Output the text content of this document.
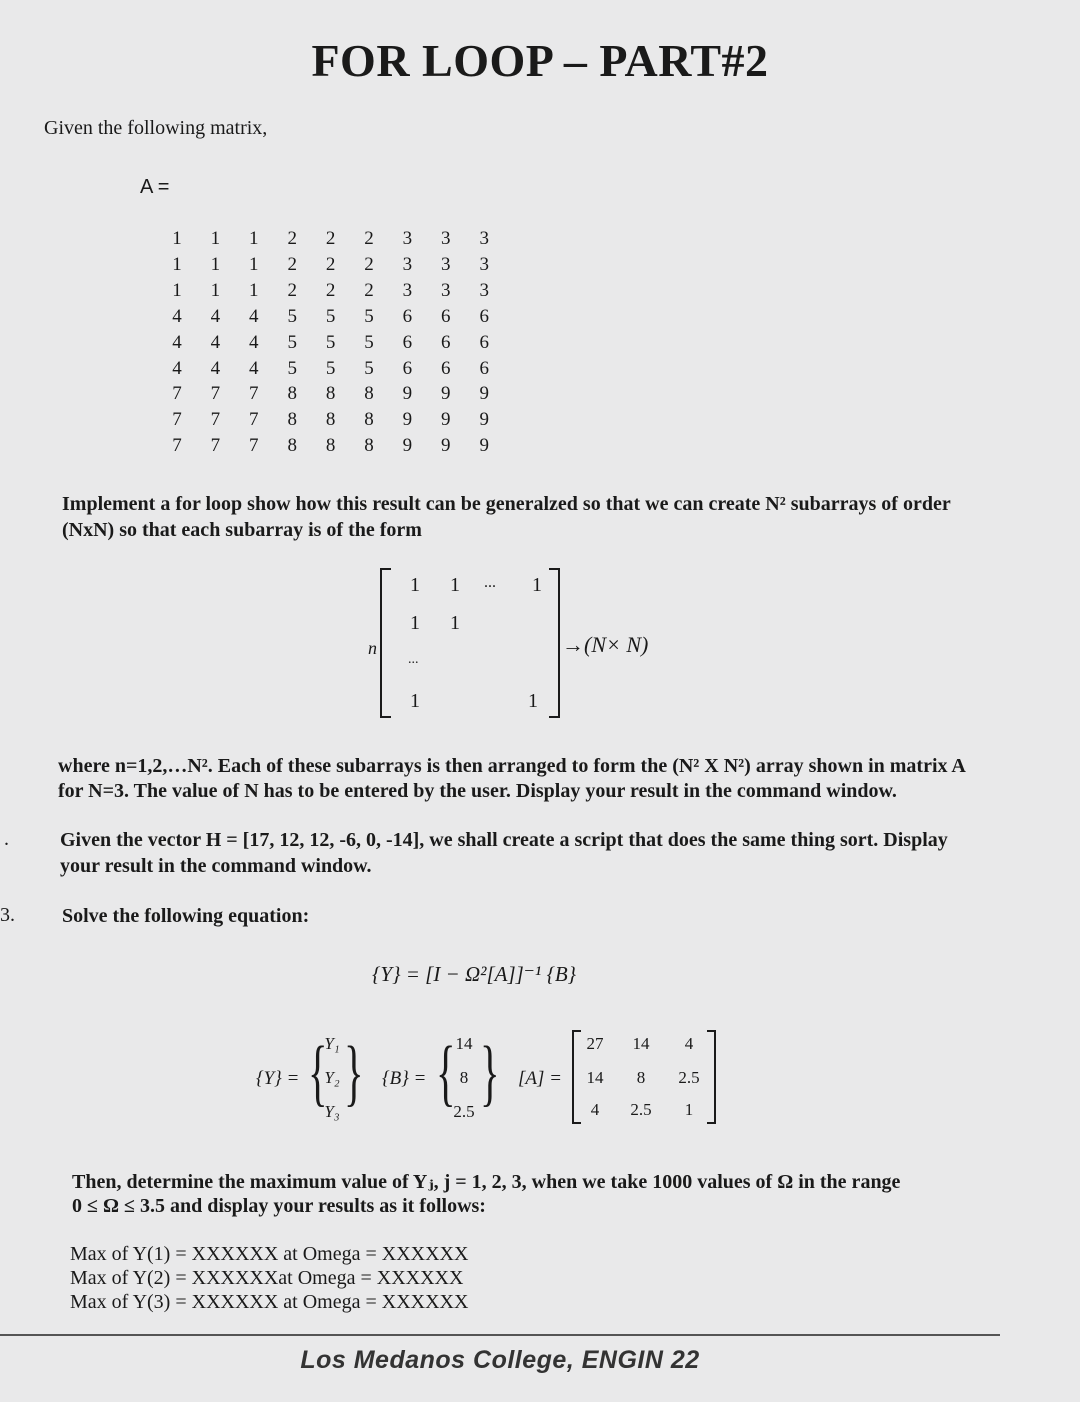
FOR LOOP – PART#2
Given the following matrix,
A =
1	1	1	2	2	2	3	3	3
1	1	1	2	2	2	3	3	3
1	1	1	2	2	2	3	3	3
4	4	4	5	5	5	6	6	6
4	4	4	5	5	5	6	6	6
4	4	4	5	5	5	6	6	6
7	7	7	8	8	8	9	9	9
7	7	7	8	8	8	9	9	9
7	7	7	8	8	8	9	9	9
Implement a for loop show how this result can be generalzed so that we can create N² subarrays of order
(NxN) so that each subarray is of the form
n
1 1 ... 1
1 1
...
1	1
→(N× N)
where n=1,2,…N². Each of these subarrays is then arranged to form the (N² X N²) array shown in matrix A
for N=3. The value of N has to be entered by the user. Display your result in the command window.
.	Given the vector H = [17, 12, 12, -6, 0, -14], we shall create a script that does the same thing sort. Display
your result in the command window.
3. Solve the following equation:
{Y} = [I − Ω²[A]]⁻¹ {B}
{Y} = { }
Y₁
Y₂
Y₃
{B} = { }
14
8
2.5
[A] =
27	14	4
14	8	2.5
4	2.5	1
Then, determine the maximum value of Yⱼ, j = 1, 2, 3, when we take 1000 values of Ω in the range
0 ≤ Ω ≤ 3.5 and display your results as it follows:
Max of Y(1) = XXXXXX at Omega = XXXXXX
Max of Y(2) = XXXXXXat Omega = XXXXXX
Max of Y(3) = XXXXXX at Omega = XXXXXX
Los Medanos College, ENGIN 22
